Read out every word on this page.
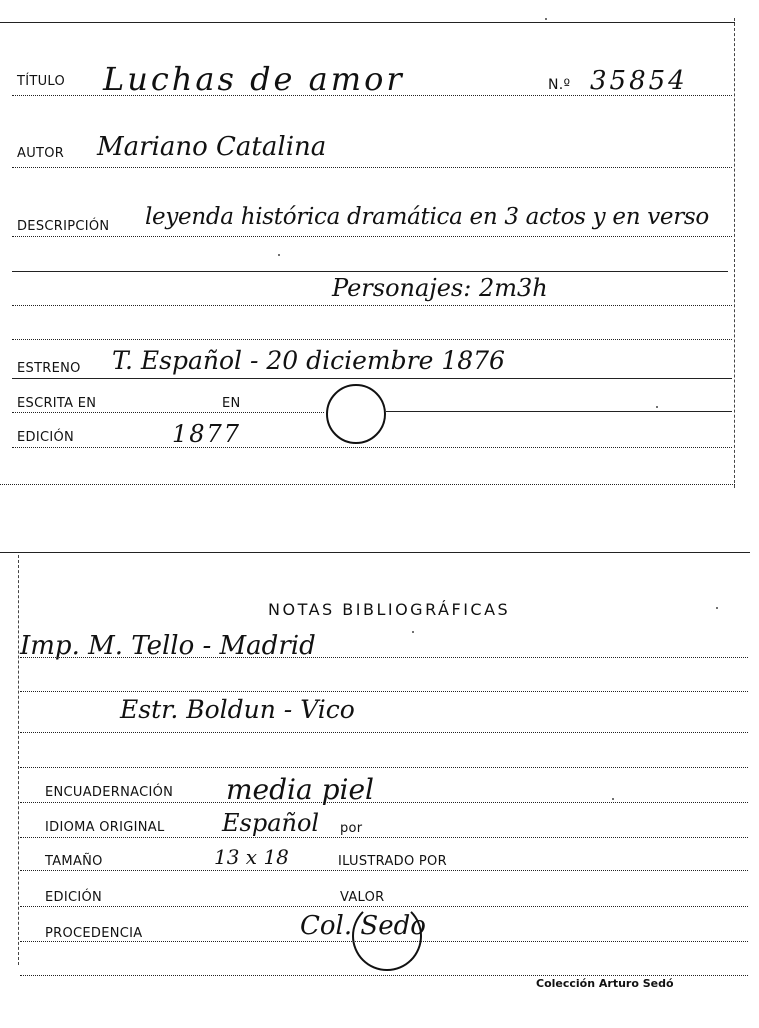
TÍTULO Luchas de amor	N.º 35854
AUTOR Mariano Catalina
DESCRIPCIÓN leyenda histórica dramática en 3 actos y en verso
Personajes: 2m3h
ESTRENO T. Español - 20 diciembre 1876
ESCRITA EN	EN
EDICIÓN	1877
NOTAS BIBLIOGRÁFICAS
Imp. M. Tello - Madrid
Estr. Boldun - Vico
ENCUADERNACIÓN media piel
IDIOMA ORIGINAL Español por
TAMAÑO	13 x 18	ILUSTRADO POR
EDICIÓN	VALOR
PROCEDENCIA	Col. Sedo
Colección Arturo Sedó
